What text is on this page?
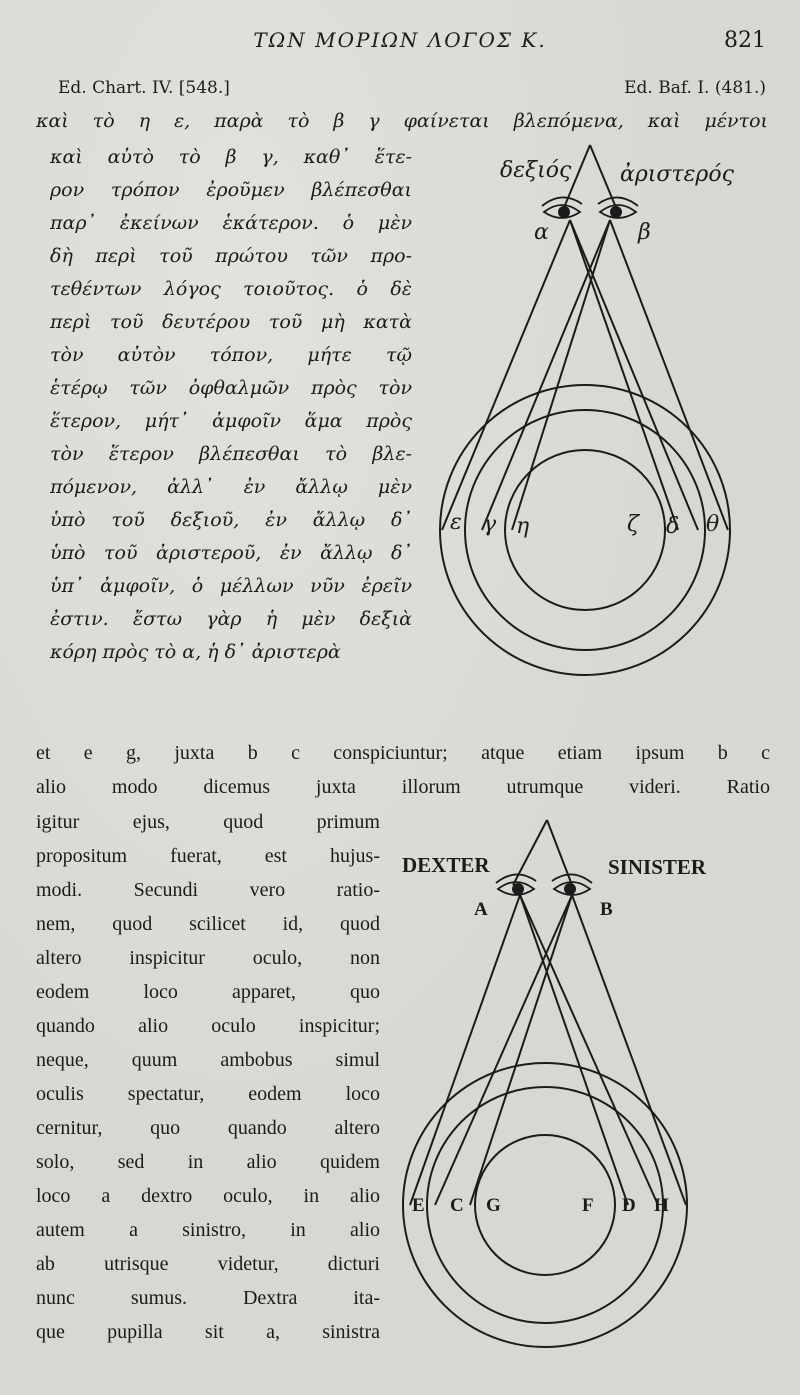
ΤΩΝ ΜΟΡΙΩΝ ΛΟΓΟΣ Κ.	821
Ed. Chart. IV. [548.]	Ed. Baf. I. (481.)
καὶ τὸ η ε, παρὰ τὸ β γ φαίνεται βλεπόμενα, καὶ μέντοι
καὶ αὐτὸ τὸ β γ, καθ᾽ ἕτε-
ρον τρόπον ἐροῦμεν βλέπεσθαι
παρ᾽ ἐκείνων ἑκάτερον. ὁ μὲν
δὴ περὶ τοῦ πρώτου τῶν προ-
τεθέντων λόγος τοιοῦτος. ὁ δὲ
περὶ τοῦ δευτέρου τοῦ μὴ κατὰ
τὸν αὐτὸν τόπον, μήτε τῷ
ἑτέρῳ τῶν ὀφθαλμῶν πρὸς τὸν
ἕτερον, μήτ᾽ ἀμφοῖν ἅμα πρὸς
τὸν ἕτερον βλέπεσθαι τὸ βλε-
πόμενον, ἀλλ᾽ ἐν ἄλλῳ μὲν
ὑπὸ τοῦ δεξιοῦ, ἐν ἄλλῳ δ᾽
ὑπὸ τοῦ ἀριστεροῦ, ἐν ἄλλῳ δ᾽
ὑπ᾽ ἀμφοῖν, ὁ μέλλων νῦν ἐρεῖν
ἐστιν. ἔστω γὰρ ἡ μὲν δεξιὰ
κόρη πρὸς τὸ α, ἡ δ᾽ ἀριστερὰ
δεξιός ἀριστερός
α	β
ε γ η	ζ δ θ
et e g, juxta b c conspiciuntur; atque etiam ipsum b c
alio modo dicemus juxta illorum utrumque videri. Ratio
igitur ejus, quod primum
propositum fuerat, est hujus-
modi. Secundi vero ratio-
nem, quod scilicet id, quod
altero inspicitur oculo, non
eodem loco apparet, quo
quando alio oculo inspicitur;
neque, quum ambobus simul
oculis spectatur, eodem loco
cernitur, quo quando altero
solo, sed in alio quidem
loco a dextro oculo, in alio
autem a sinistro, in alio
ab utrisque videtur, dicturi
nunc sumus. Dextra ita-
que pupilla sit a, sinistra
DEXTER	SINISTER
A	B
E C G	F D H
